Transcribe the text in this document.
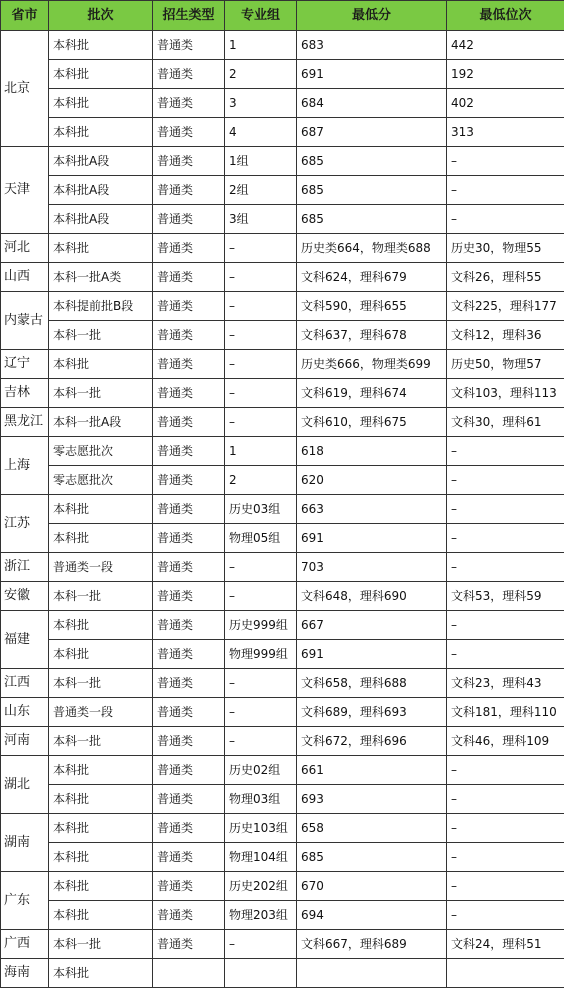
省市	批次	招生类型	专业组	最低分	最低位次
北京	本科批	普通类	1	683	442
	本科批	普通类	2	691	192
	本科批	普通类	3	684	402
	本科批	普通类	4	687	313
天津	本科批A段	普通类	1组	685	–
	本科批A段	普通类	2组	685	–
	本科批A段	普通类	3组	685	–
河北	本科批	普通类	–	历史类664，物理类688	历史30，物理55
山西	本科一批A类	普通类	–	文科624，理科679	文科26，理科55
内蒙古	本科提前批B段	普通类	–	文科590，理科655	文科225，理科177
	本科一批	普通类	–	文科637，理科678	文科12，理科36
辽宁	本科批	普通类	–	历史类666，物理类699	历史50，物理57
吉林	本科一批	普通类	–	文科619，理科674	文科103，理科113
黑龙江	本科一批A段	普通类	–	文科610，理科675	文科30，理科61
上海	零志愿批次	普通类	1	618	–
	零志愿批次	普通类	2	620	–
江苏	本科批	普通类	历史03组	663	–
	本科批	普通类	物理05组	691	–
浙江	普通类一段	普通类	–	703	–
安徽	本科一批	普通类	–	文科648，理科690	文科53，理科59
福建	本科批	普通类	历史999组	667	–
	本科批	普通类	物理999组	691	–
江西	本科一批	普通类	–	文科658，理科688	文科23，理科43
山东	普通类一段	普通类	–	文科689，理科693	文科181，理科110
河南	本科一批	普通类	–	文科672，理科696	文科46，理科109
湖北	本科批	普通类	历史02组	661	–
	本科批	普通类	物理03组	693	–
湖南	本科批	普通类	历史103组	658	–
	本科批	普通类	物理104组	685	–
广东	本科批	普通类	历史202组	670	–
	本科批	普通类	物理203组	694	–
广西	本科一批	普通类	–	文科667，理科689	文科24，理科51
海南	本科批				
